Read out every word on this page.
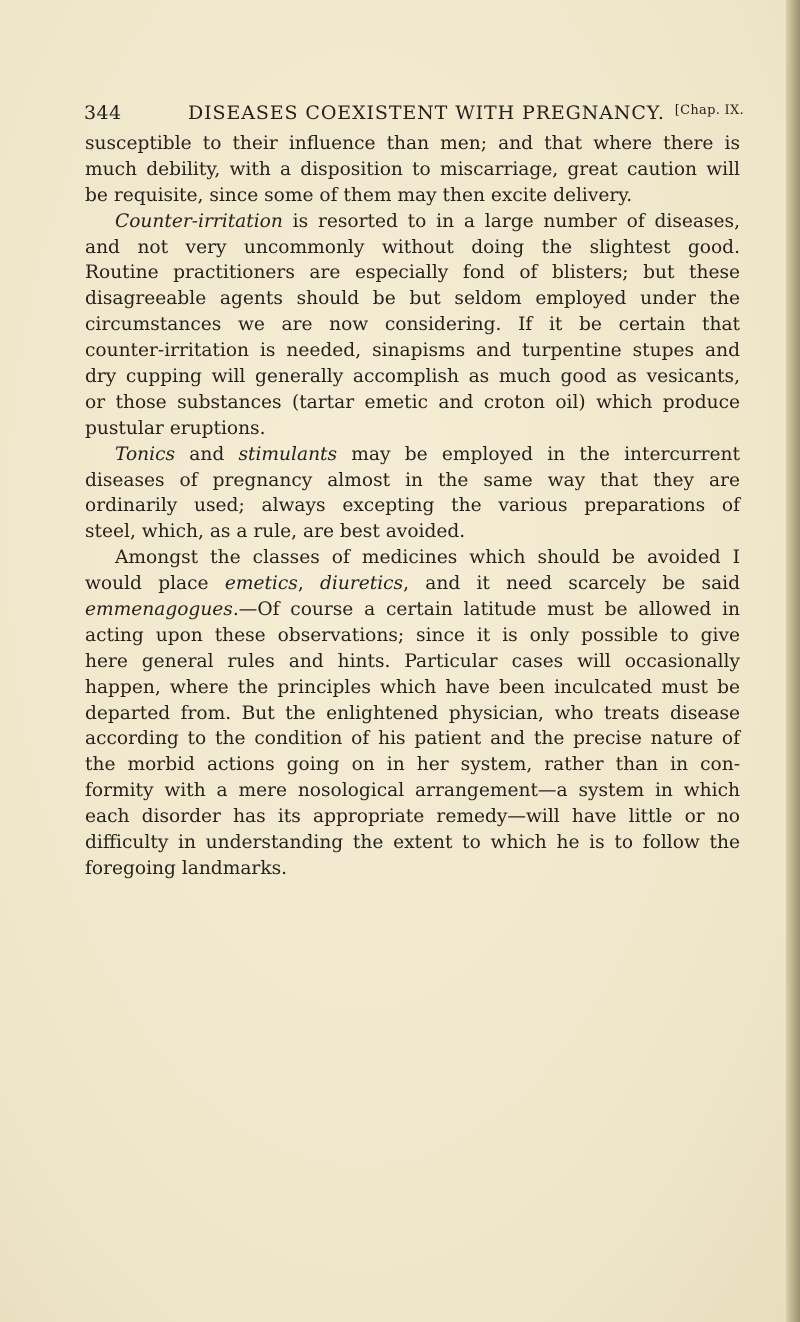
344	DISEASES COEXISTENT WITH PREGNANCY. [Chap. IX.
susceptible to their influence than men; and that where there is
much debility, with a disposition to miscarriage, great caution will
be requisite, since some of them may then excite delivery.
Counter-irritation is resorted to in a large number of diseases,
and not very uncommonly without doing the slightest good.
Routine practitioners are especially fond of blisters; but these
disagreeable agents should be but seldom employed under the
circumstances we are now considering. If it be certain that
counter-irritation is needed, sinapisms and turpentine stupes and
dry cupping will generally accomplish as much good as vesicants,
or those substances (tartar emetic and croton oil) which produce
pustular eruptions.
Tonics and stimulants may be employed in the intercurrent
diseases of pregnancy almost in the same way that they are
ordinarily used; always excepting the various preparations of
steel, which, as a rule, are best avoided.
Amongst the classes of medicines which should be avoided I
would place emetics, diuretics, and it need scarcely be said
emmenagogues.—Of course a certain latitude must be allowed in
acting upon these observations; since it is only possible to give
here general rules and hints. Particular cases will occasionally
happen, where the principles which have been inculcated must be
departed from. But the enlightened physician, who treats disease
according to the condition of his patient and the precise nature of
the morbid actions going on in her system, rather than in con-
formity with a mere nosological arrangement—a system in which
each disorder has its appropriate remedy—will have little or no
difficulty in understanding the extent to which he is to follow the
foregoing landmarks.
